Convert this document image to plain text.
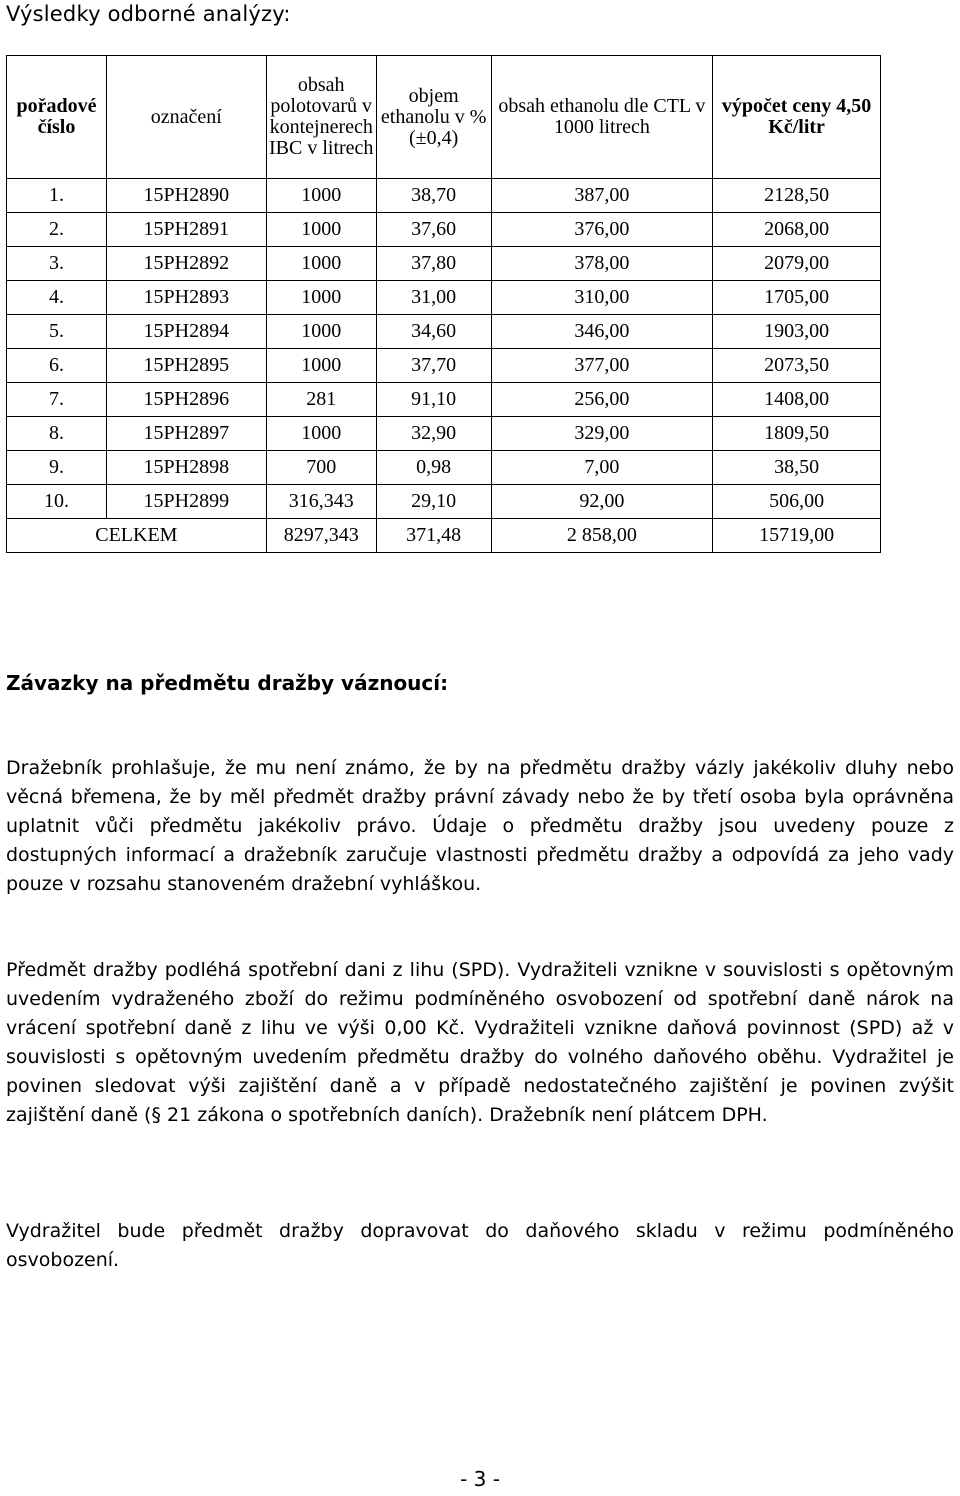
Výsledky odborné analýzy:
pořadové číslo	označení	obsah polotovarů v kontejnerech IBC v litrech	objem ethanolu v % (±0,4)	obsah ethanolu dle CTL v 1000 litrech	výpočet ceny 4,50 Kč/litr
1.	15PH2890	1000	38,70	387,00	2128,50
2.	15PH2891	1000	37,60	376,00	2068,00
3.	15PH2892	1000	37,80	378,00	2079,00
4.	15PH2893	1000	31,00	310,00	1705,00
5.	15PH2894	1000	34,60	346,00	1903,00
6.	15PH2895	1000	37,70	377,00	2073,50
7.	15PH2896	281	91,10	256,00	1408,00
8.	15PH2897	1000	32,90	329,00	1809,50
9.	15PH2898	700	0,98	7,00	38,50
10.	15PH2899	316,343	29,10	92,00	506,00
CELKEM		8297,343	371,48	2 858,00	15719,00
Závazky na předmětu dražby váznoucí:

Dražebník prohlašuje, že mu není známo, že by na předmětu dražby vázly jakékoliv dluhy nebo věcná břemena, že by měl předmět dražby právní závady nebo že by třetí osoba byla oprávněna uplatnit vůči předmětu jakékoliv právo. Údaje o předmětu dražby jsou uvedeny pouze z dostupných informací a dražebník zaručuje vlastnosti předmětu dražby a odpovídá za jeho vady pouze v rozsahu stanoveném dražební vyhláškou.

Předmět dražby podléhá spotřební dani z lihu (SPD). Vydražiteli vznikne v souvislosti s opětovným uvedením vydraženého zboží do režimu podmíněného osvobození od spotřební daně nárok na vrácení spotřební daně z lihu ve výši 0,00 Kč. Vydražiteli vznikne daňová povinnost (SPD) až v souvislosti s opětovným uvedením předmětu dražby do volného daňového oběhu. Vydražitel je povinen sledovat výši zajištění daně a v případě nedostatečného zajištění je povinen zvýšit zajištění daně (§ 21 zákona o spotřebních daních). Dražebník není plátcem DPH.

Vydražitel bude předmět dražby dopravovat do daňového skladu v režimu podmíněného osvobození.

- 3 -
